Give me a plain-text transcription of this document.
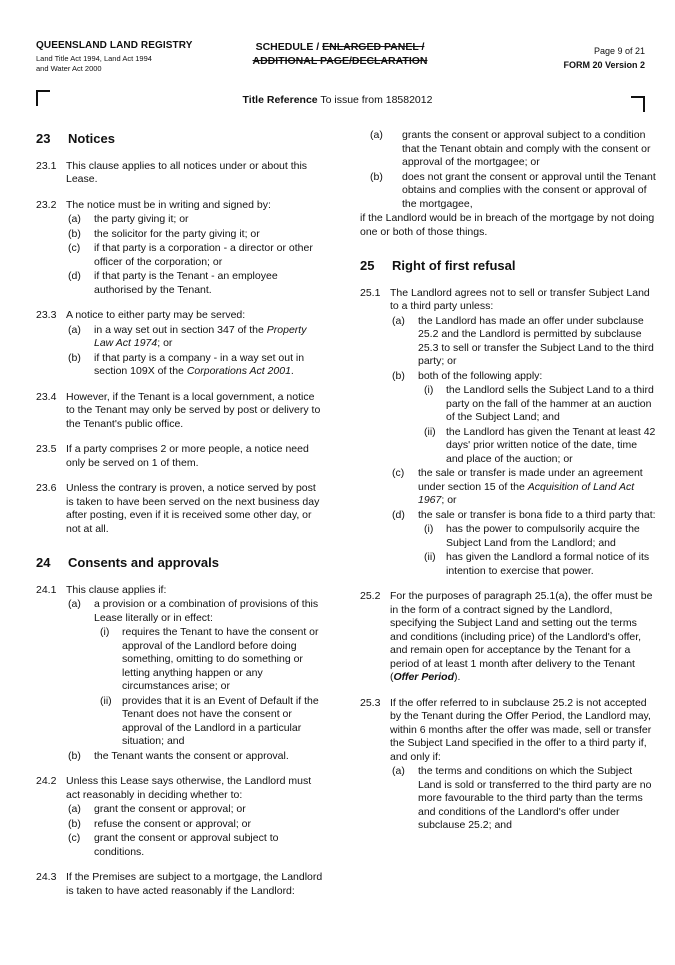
QUEENSLAND LAND REGISTRY
Land Title Act 1994, Land Act 1994
and Water Act 2000
SCHEDULE / ENLARGED PANEL /
ADDITIONAL PAGE/DECLARATION
Page 9 of 21
FORM 20 Version 2
Title Reference To issue from 18582012
23	Notices
23.1 This clause applies to all notices under or about this Lease.
23.2 The notice must be in writing and signed by:
(a)	the party giving it; or
(b)	the solicitor for the party giving it; or
(c)	if that party is a corporation - a director or other officer of the corporation; or
(d)	if that party is the Tenant - an employee authorised by the Tenant.
23.3 A notice to either party may be served:
(a)	in a way set out in section 347 of the Property Law Act 1974; or
(b)	if that party is a company - in a way set out in section 109X of the Corporations Act 2001.
23.4 However, if the Tenant is a local government, a notice to the Tenant may only be served by post or delivery to the Tenant's public office.
23.5 If a party comprises 2 or more people, a notice need only be served on 1 of them.
23.6 Unless the contrary is proven, a notice served by post is taken to have been served on the next business day after posting, even if it is received some other day, or not at all.
24	Consents and approvals
24.1 This clause applies if:
(a)	a provision or a combination of provisions of this Lease literally or in effect:
(i)	requires the Tenant to have the consent or approval of the Landlord before doing something, omitting to do something or letting anything happen or any circumstances arise; or
(ii) provides that it is an Event of Default if the Tenant does not have the consent or approval of the Landlord in a particular situation; and
(b)	the Tenant wants the consent or approval.
24.2 Unless this Lease says otherwise, the Landlord must act reasonably in deciding whether to:
(a)	grant the consent or approval; or
(b)	refuse the consent or approval; or
(c)	grant the consent or approval subject to conditions.
24.3 If the Premises are subject to a mortgage, the Landlord is taken to have acted reasonably if the Landlord:
(a)	grants the consent or approval subject to a condition that the Tenant obtain and comply with the consent or approval of the mortgagee; or
(b)	does not grant the consent or approval until the Tenant obtains and complies with the consent or approval of the mortgagee,
if the Landlord would be in breach of the mortgage by not doing one or both of those things.
25	Right of first refusal
25.1 The Landlord agrees not to sell or transfer Subject Land to a third party unless:
(a)	the Landlord has made an offer under subclause 25.2 and the Landlord is permitted by subclause 25.3 to sell or transfer the Subject Land to the third party; or
(b)	both of the following apply:
(i)	the Landlord sells the Subject Land to a third party on the fall of the hammer at an auction of the Subject Land; and
(ii) the Landlord has given the Tenant at least 42 days' prior written notice of the date, time and place of the auction; or
(c)	the sale or transfer is made under an agreement under section 15 of the Acquisition of Land Act 1967; or
(d)	the sale or transfer is bona fide to a third party that:
(i)	has the power to compulsorily acquire the Subject Land from the Landlord; and
(ii) has given the Landlord a formal notice of its intention to exercise that power.
25.2 For the purposes of paragraph 25.1(a), the offer must be in the form of a contract signed by the Landlord, specifying the Subject Land and setting out the terms and conditions (including price) of the Landlord's offer, and remain open for acceptance by the Tenant for a period of at least 1 month after delivery to the Tenant (Offer Period).
25.3 If the offer referred to in subclause 25.2 is not accepted by the Tenant during the Offer Period, the Landlord may, within 6 months after the offer was made, sell or transfer the Subject Land specified in the offer to a third party if, and only if:
(a)	the terms and conditions on which the Subject Land is sold or transferred to the third party are no more favourable to the third party than the terms and conditions of the Landlord's offer under subclause 25.2; and
